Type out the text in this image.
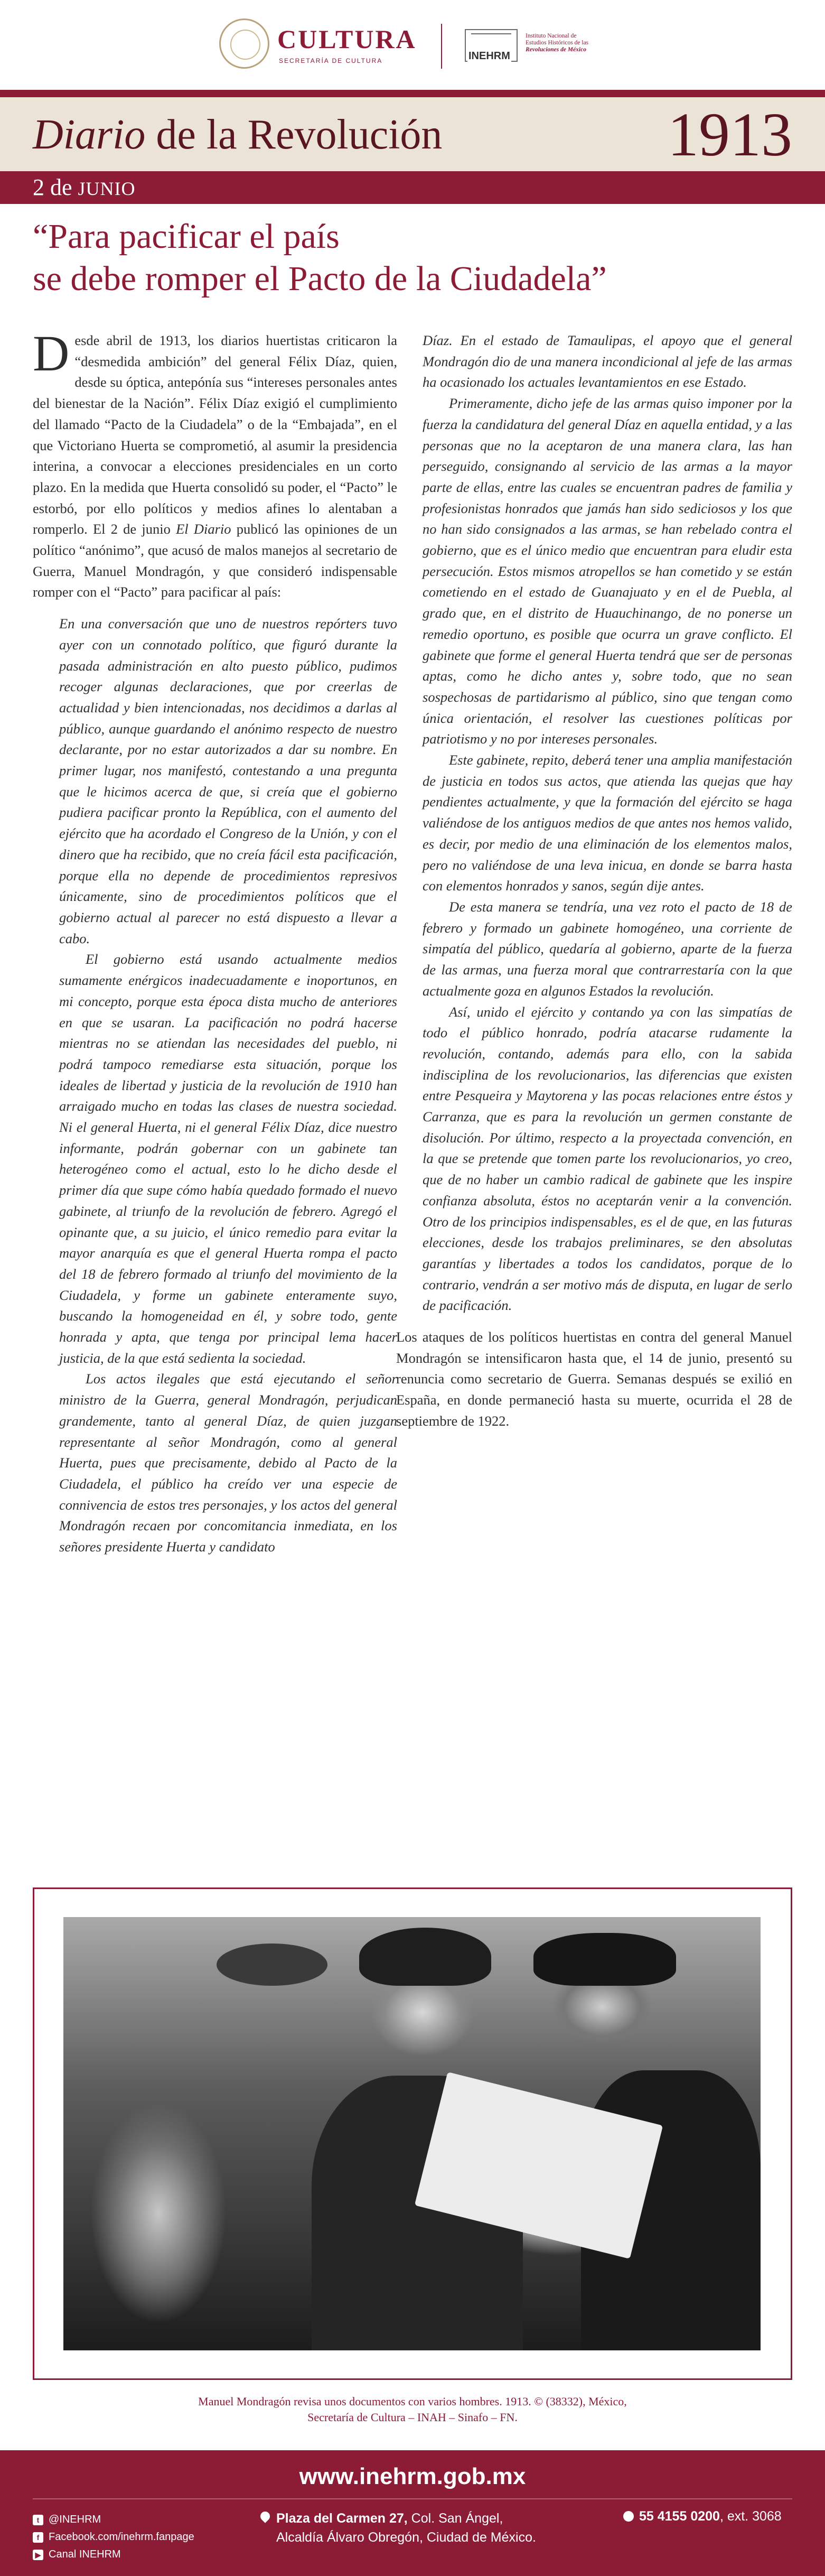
CULTURA
SECRETARÍA DE CULTURA	INEHRM
Instituto Nacional de
Estudios Históricos de las
Revoluciones de México
Diario de la Revolución	1913
2 de JUNIO
“Para pacificar el país
se debe romper el Pacto de la Ciudadela”

Desde abril de 1913, los diarios huertistas criticaron la “desmedida ambición” del general Félix Díaz, quien, desde su óptica, antepónía sus “intereses personales antes del bienestar de la Nación”. Félix Díaz exigió el cumplimiento del llamado “Pacto de la Ciudadela” o de la “Embajada”, en el que Victoriano Huerta se comprometió, al asumir la presidencia interina, a convocar a elecciones presidenciales en un corto plazo. En la medida que Huerta consolidó su poder, el “Pacto” le estorbó, por ello políticos y medios afines lo alentaban a romperlo. El 2 de junio El Diario publicó las opiniones de un político “anónimo”, que acusó de malos manejos al secretario de Guerra, Manuel Mondragón, y que consideró indispensable romper con el “Pacto” para pacificar al país:

En una conversación que uno de nuestros repórters tuvo ayer con un connotado político, que figuró durante la pasada administración en alto puesto público, pudimos recoger algunas declaraciones, que por creerlas de actualidad y bien intencionadas, nos decidimos a darlas al público, aunque guardando el anónimo respecto de nuestro declarante, por no estar autorizados a dar su nombre. En primer lugar, nos manifestó, contestando a una pregunta que le hicimos acerca de que, si creía que el gobierno pudiera pacificar pronto la República, con el aumento del ejército que ha acordado el Congreso de la Unión, y con el dinero que ha recibido, que no creía fácil esta pacificación, porque ella no depende de procedimientos represivos únicamente, sino de procedimientos políticos que el gobierno actual al parecer no está dispuesto a llevar a cabo.

El gobierno está usando actualmente medios sumamente enérgicos inadecuadamente e inoportunos, en mi concepto, porque esta época dista mucho de anteriores en que se usaran. La pacificación no podrá hacerse mientras no se atiendan las necesidades del pueblo, ni podrá tampoco remediarse esta situación, porque los ideales de libertad y justicia de la revolución de 1910 han arraigado mucho en todas las clases de nuestra sociedad. Ni el general Huerta, ni el general Félix Díaz, dice nuestro informante, podrán gobernar con un gabinete tan heterogéneo como el actual, esto lo he dicho desde el primer día que supe cómo había quedado formado el nuevo gabinete, al triunfo de la revolución de febrero. Agregó el opinante que, a su juicio, el único remedio para evitar la mayor anarquía es que el general Huerta rompa el pacto del 18 de febrero formado al triunfo del movimiento de la Ciudadela, y forme un gabinete enteramente suyo, buscando la homogeneidad en él, y sobre todo, gente honrada y apta, que tenga por principal lema hacer justicia, de la que está sedienta la sociedad.

Los actos ilegales que está ejecutando el señor ministro de la Guerra, general Mondragón, perjudican grandemente, tanto al general Díaz, de quien juzgan representante al señor Mondragón, como al general Huerta, pues que precisamente, debido al Pacto de la Ciudadela, el público ha creído ver una especie de connivencia de estos tres personajes, y los actos del general Mondragón recaen por concomitancia inmediata, en los señores presidente Huerta y candidato

Díaz. En el estado de Tamaulipas, el apoyo que el general Mondragón dio de una manera incondicional al jefe de las armas ha ocasionado los actuales levantamientos en ese Estado.

Primeramente, dicho jefe de las armas quiso imponer por la fuerza la candidatura del general Díaz en aquella entidad, y a las personas que no la aceptaron de una manera clara, las han perseguido, consignando al servicio de las armas a la mayor parte de ellas, entre las cuales se encuentran padres de familia y profesionistas honrados que jamás han sido sediciosos y los que no han sido consignados a las armas, se han rebelado contra el gobierno, que es el único medio que encuentran para eludir esta persecución. Estos mismos atropellos se han cometido y se están cometiendo en el estado de Guanajuato y en el de Puebla, al grado que, en el distrito de Huauchinango, de no ponerse un remedio oportuno, es posible que ocurra un grave conflicto. El gabinete que forme el general Huerta tendrá que ser de personas aptas, como he dicho antes y, sobre todo, que no sean sospechosas de partidarismo al público, sino que tengan como única orientación, el resolver las cuestiones políticas por patriotismo y no por intereses personales.

Este gabinete, repito, deberá tener una amplia manifestación de justicia en todos sus actos, que atienda las quejas que hay pendientes actualmente, y que la formación del ejército se haga valiéndose de los antiguos medios de que antes nos hemos valido, es decir, por medio de una eliminación de los elementos malos, pero no valiéndose de una leva inicua, en donde se barra hasta con elementos honrados y sanos, según dije antes.

De esta manera se tendría, una vez roto el pacto de 18 de febrero y formado un gabinete homogéneo, una corriente de simpatía del público, quedaría al gobierno, aparte de la fuerza de las armas, una fuerza moral que contrarrestaría con la que actualmente goza en algunos Estados la revolución.

Así, unido el ejército y contando ya con las simpatías de todo el público honrado, podría atacarse rudamente la revolución, contando, además para ello, con la sabida indisciplina de los revolucionarios, las diferencias que existen entre Pesqueira y Maytorena y las pocas relaciones entre éstos y Carranza, que es para la revolución un germen constante de disolución. Por último, respecto a la proyectada convención, en la que se pretende que tomen parte los revolucionarios, yo creo, que de no haber un cambio radical de gabinete que les inspire confianza absoluta, éstos no aceptarán venir a la convención. Otro de los principios indispensables, es el de que, en las futuras elecciones, desde los trabajos preliminares, se den absolutas garantías y libertades a todos los candidatos, porque de lo contrario, vendrán a ser motivo más de disputa, en lugar de serlo de pacificación.

Los ataques de los políticos huertistas en contra del general Manuel Mondragón se intensificaron hasta que, el 14 de junio, presentó su renuncia como secretario de Guerra. Semanas después se exilió en España, en donde permaneció hasta su muerte, ocurrida el 28 de septiembre de 1922.

Manuel Mondragón revisa unos documentos con varios hombres. 1913. © (38332), México,
Secretaría de Cultura – INAH – Sinafo – FN.
www.inehrm.gob.mx
t @INEHRM
f Facebook.com/inehrm.fanpage
▶ Canal INEHRM
Plaza del Carmen 27, Col. San Ángel,
Alcaldía Álvaro Obregón, Ciudad de México.
55 4155 0200, ext. 3068
